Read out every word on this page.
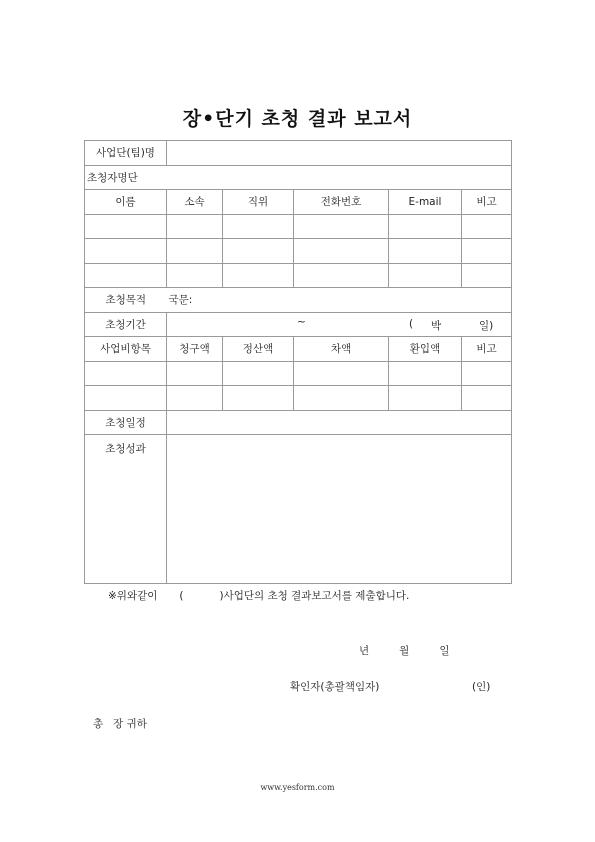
장•단기 초청 결과 보고서
사업단(팀)명					
초청자명단					
이름	소속	직위	전화번호	E-mail	비고

초청목적	국문:				
초청기간	~ ( 박 일)				

사업비항목	청구액	정산액	차액	환입액	비고

초청일정					
초청성과					
※위와같이 (	)사업단의 초청 결과보고서를 제출합니다.
년	월	일
확인자(총괄책임자)	(인)
총   장 귀하
www.yesform.com
